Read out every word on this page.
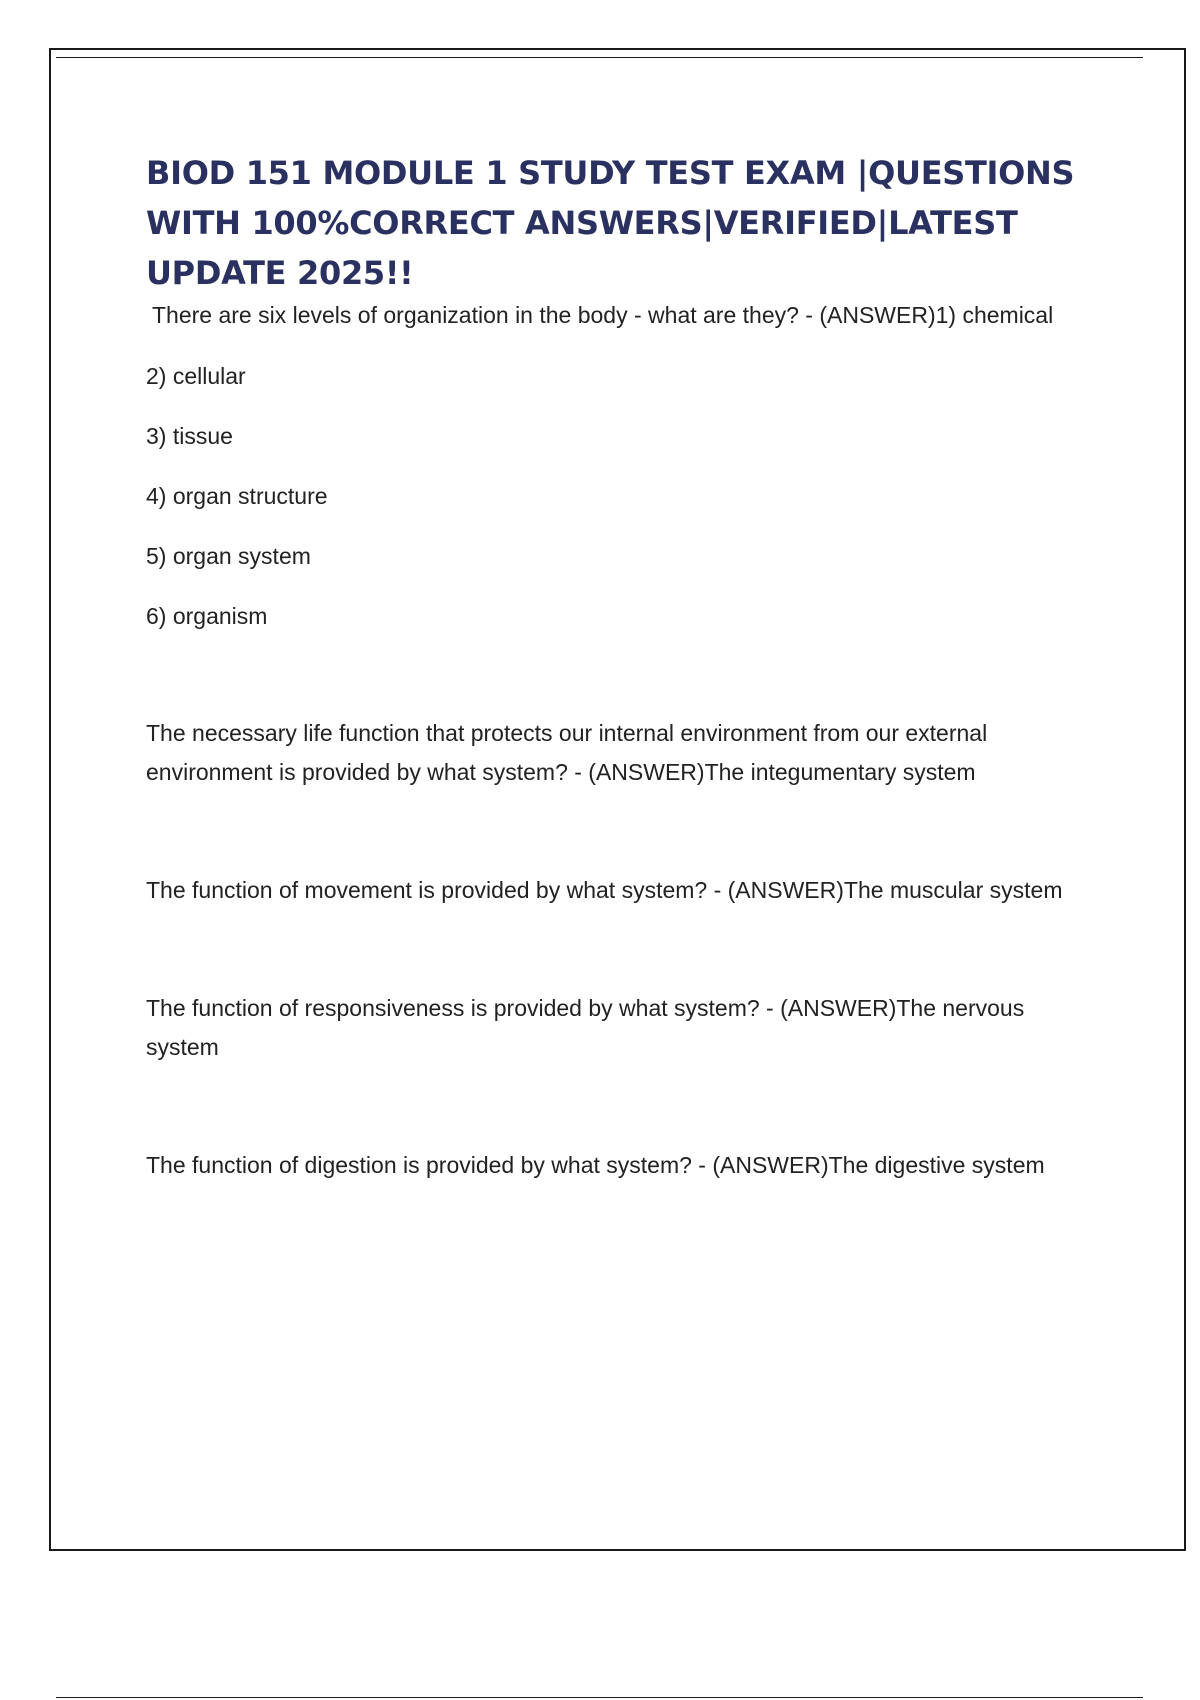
BIOD 151 MODULE 1 STUDY TEST EXAM |QUESTIONS WITH 100%CORRECT ANSWERS|VERIFIED|LATEST UPDATE 2025!!

There are six levels of organization in the body - what are they? - (ANSWER)1) chemical

2) cellular

3) tissue

4) organ structure

5) organ system

6) organism

The necessary life function that protects our internal environment from our external environment is provided by what system? - (ANSWER)The integumentary system

The function of movement is provided by what system? - (ANSWER)The muscular system

The function of responsiveness is provided by what system? - (ANSWER)The nervous system

The function of digestion is provided by what system? - (ANSWER)The digestive system
